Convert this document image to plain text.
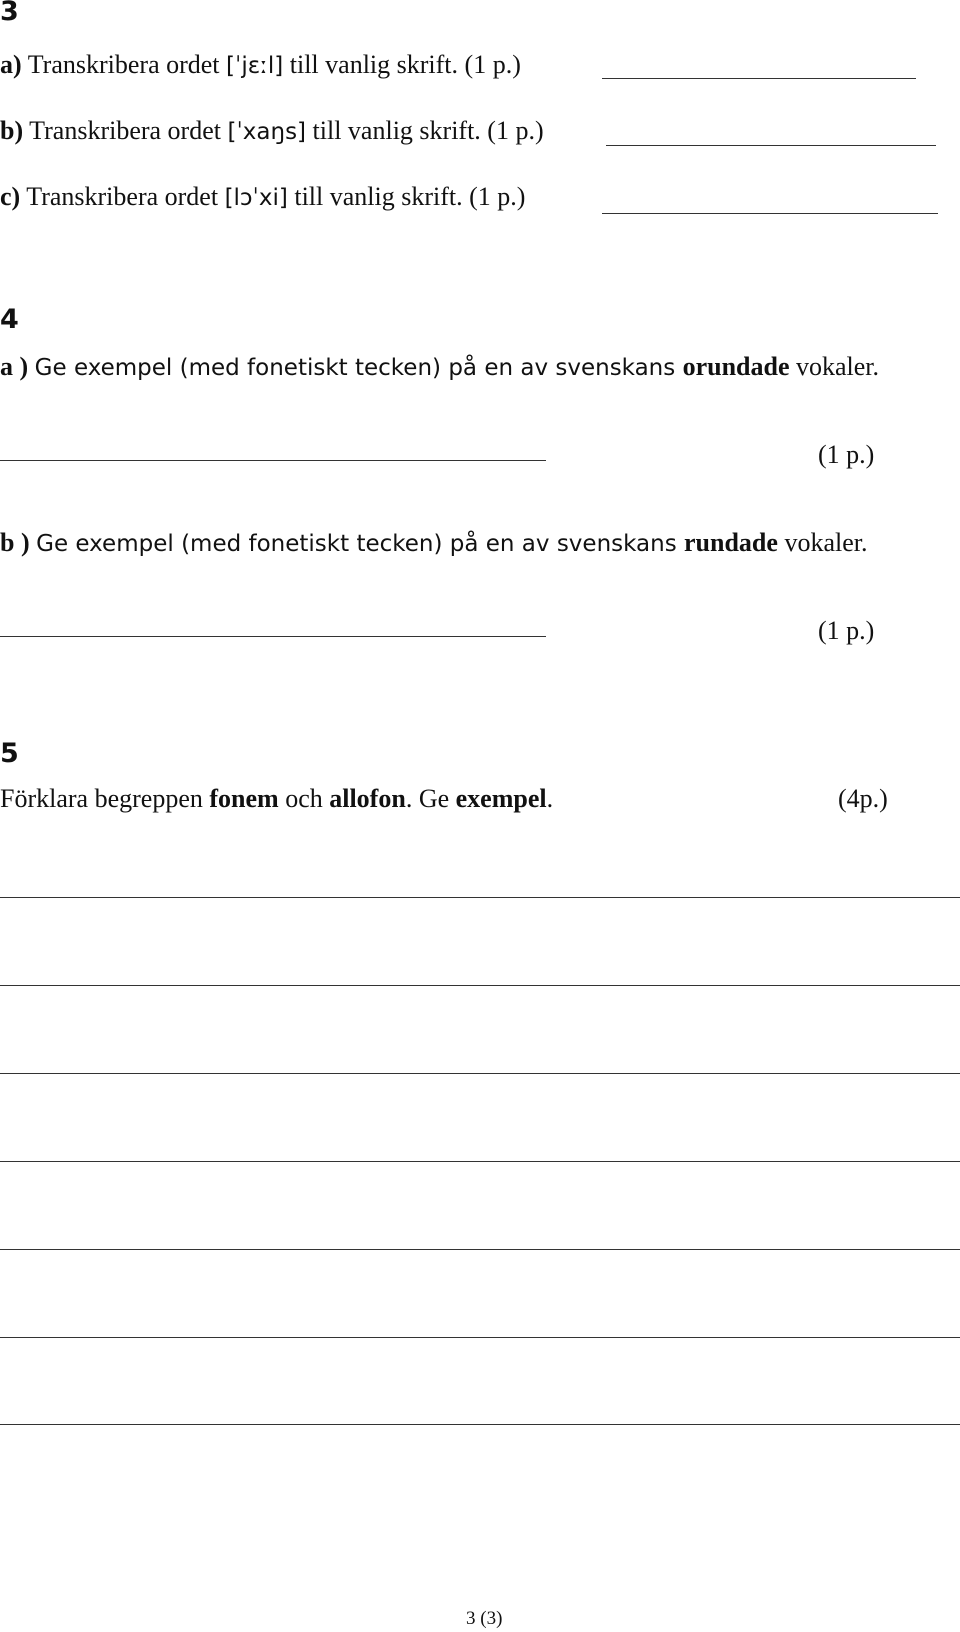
3
a) Transkribera ordet [ˈjɛːl] till vanlig skrift. (1 p.)
b) Transkribera ordet [ˈxaŋs] till vanlig skrift. (1 p.)
c) Transkribera ordet [lɔˈxi] till vanlig skrift. (1 p.)
4
a ) Ge exempel (med fonetiskt tecken) på en av svenskans orundade vokaler.
(1 p.)
b ) Ge exempel (med fonetiskt tecken) på en av svenskans rundade vokaler.
(1 p.)
5
Förklara begreppen fonem och allofon. Ge exempel.	(4p.)
3 (3)
